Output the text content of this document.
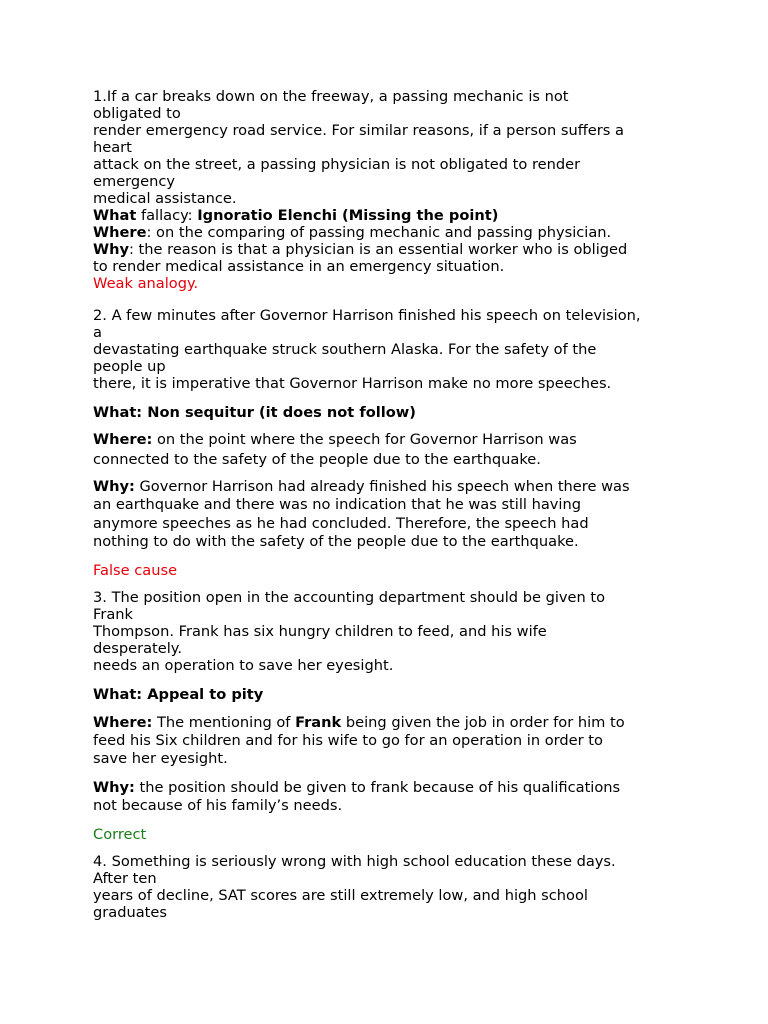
1.If a car breaks down on the freeway, a passing mechanic is not
obligated to
render emergency road service. For similar reasons, if a person suffers a
heart
attack on the street, a passing physician is not obligated to render
emergency
medical assistance.
What fallacy: Ignoratio Elenchi (Missing the point)
Where: on the comparing of passing mechanic and passing physician.
Why: the reason is that a physician is an essential worker who is obliged
to render medical assistance in an emergency situation.
Weak analogy.
2. A few minutes after Governor Harrison finished his speech on television,
a
devastating earthquake struck southern Alaska. For the safety of the
people up
there, it is imperative that Governor Harrison make no more speeches.
What: Non sequitur (it does not follow)
Where: on the point where the speech for Governor Harrison was
connected to the safety of the people due to the earthquake.
Why: Governor Harrison had already finished his speech when there was
an earthquake and there was no indication that he was still having
anymore speeches as he had concluded. Therefore, the speech had
nothing to do with the safety of the people due to the earthquake.
False cause
3. The position open in the accounting department should be given to
Frank
Thompson. Frank has six hungry children to feed, and his wife
desperately.
needs an operation to save her eyesight.
What: Appeal to pity
Where: The mentioning of Frank being given the job in order for him to
feed his Six children and for his wife to go for an operation in order to
save her eyesight.
Why: the position should be given to frank because of his qualifications
not because of his family’s needs.
Correct
4. Something is seriously wrong with high school education these days.
After ten
years of decline, SAT scores are still extremely low, and high school
graduates
